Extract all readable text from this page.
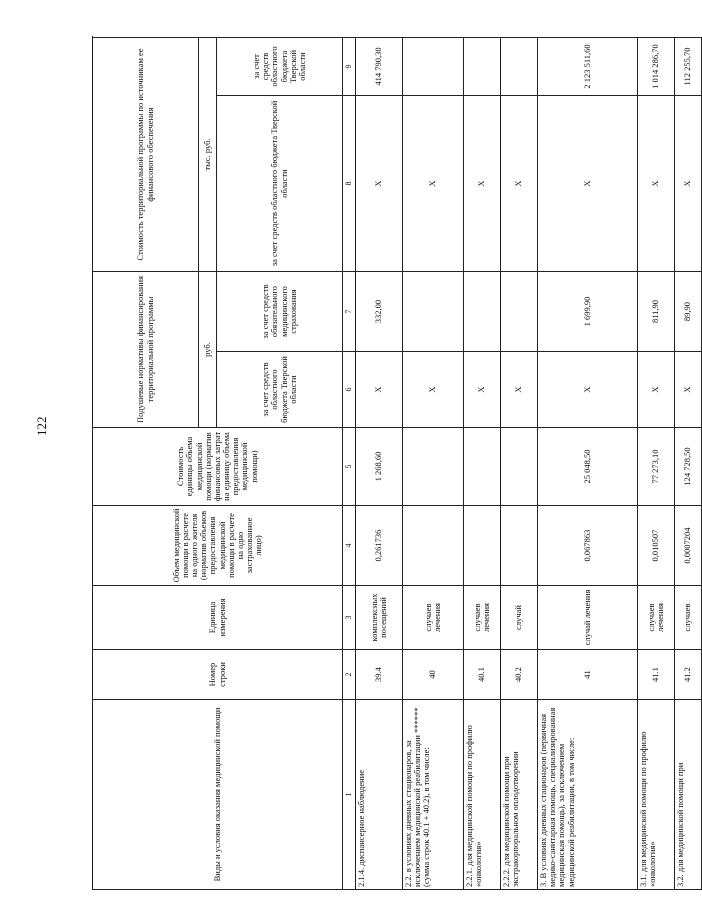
122
Виды и условия оказания медицинской помощи	Номер строки	Единица измерения	Объем медицинской помощи в расчете на одного жителя (норматив объемов предоставления медицинской помощи в расчете на одно застрахованное лицо)	Стоимость единицы объема медицинской помощи (норматив финансовых затрат на единицу объема предоставления медицинской помощи)	Подушевые нормативы финансирования территориальной программы		Стоимость территориальной программы по источникам ее финансового обеспечения		
					руб.		тыс. руб.	
					за счет средств областного бюджета Тверской области	за счет средств обязательного медицинского страхования	за счет средств областного бюджета Тверской области	за счет средств областного бюджета Тверской области	
1	2	3	4	5	6	7	8	9	
2.1.4. диспансерное наблюдение	39.4	комплексных посещений	0,261736	1 268,60	X	332,00	X	414 790,30	
2.2. в условиях дневных стационаров, за исключением медицинской реабилитации ****** (сумма строк 40.1 + 40.2), в том числе:	40	случаев лечения			X		X		
2.2.1. для медицинской помощи по профилю «онкология»	40.1	случаев лечения			X		X		
2.2.2. для медицинской помощи при экстракорпоральном оплодотворении	40.2	случай			X		X		
3. В условиях дневных стационаров (первичная медико-санитарная помощь, специализированная медицинская помощь), за исключением медицинской реабилитации, в том числе:	41	случай лечения	0,067863	25 048,50	X	1 699,90	X	2 123 511,60	
3.1. для медицинской помощи по профилю «онкология»	41.1	случаев лечения	0,010507	77 273,10	X	811,90	X	1 014 286,70	
3.2. для медицинской помощи при	41.2	случаев	0,0007204	124 728,50	X	89,90	X	112 255,70	
